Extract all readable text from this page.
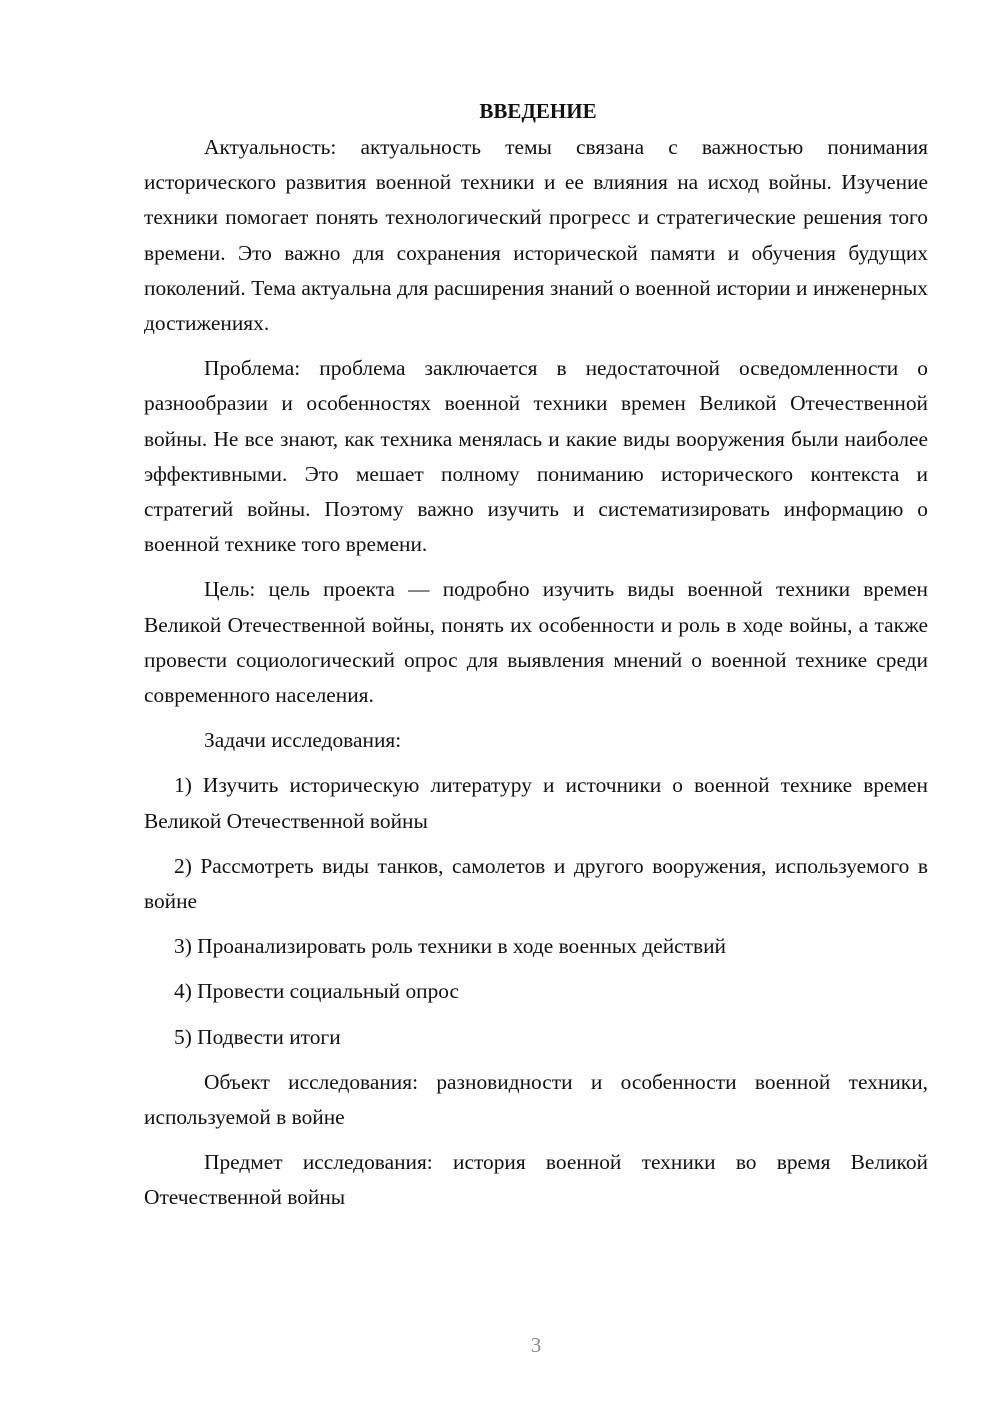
ВВЕДЕНИЕ

Актуальность: актуальность темы связана с важностью понимания исторического развития военной техники и ее влияния на исход войны. Изучение техники помогает понять технологический прогресс и стратегические решения того времени. Это важно для сохранения исторической памяти и обучения будущих поколений. Тема актуальна для расширения знаний о военной истории и инженерных достижениях.

Проблема: проблема заключается в недостаточной осведомленности о разнообразии и особенностях военной техники времен Великой Отечественной войны. Не все знают, как техника менялась и какие виды вооружения были наиболее эффективными. Это мешает полному пониманию исторического контекста и стратегий войны. Поэтому важно изучить и систематизировать информацию о военной технике того времени.

Цель: цель проекта — подробно изучить виды военной техники времен Великой Отечественной войны, понять их особенности и роль в ходе войны, а также провести социологический опрос для выявления мнений о военной технике среди современного населения.

Задачи исследования:

1) Изучить историческую литературу и источники о военной технике времен Великой Отечественной войны

2) Рассмотреть виды танков, самолетов и другого вооружения, используемого в войне

3) Проанализировать роль техники в ходе военных действий

4) Провести социальный опрос

5) Подвести итоги

Объект исследования: разновидности и особенности военной техники, используемой в войне

Предмет исследования: история военной техники во время Великой Отечественной войны

3
